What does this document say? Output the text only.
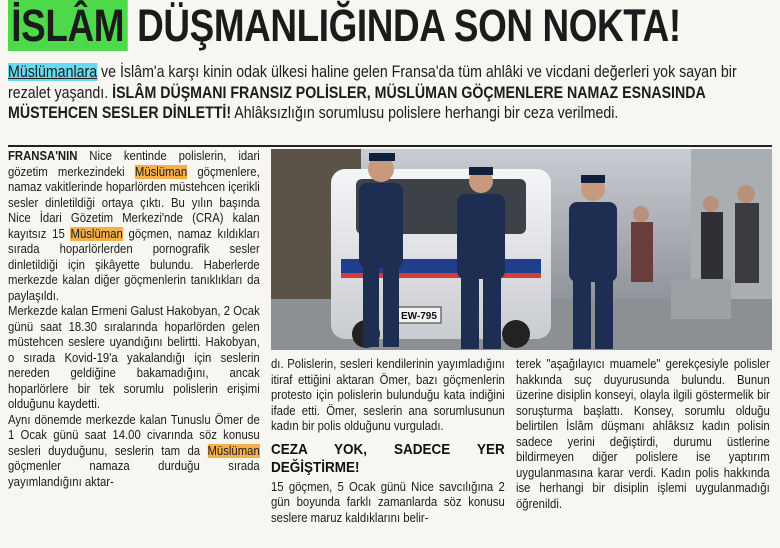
İSLÂM DÜŞMANLIĞINDA SON NOKTA!
Müslümanlara ve İslâm'a karşı kinin odak ülkesi haline gelen Fransa'da tüm ahlâki ve vicdani değerleri yok sayan bir rezalet yaşandı. İSLÂM DÜŞMANI FRANSIZ POLİSLER, MÜSLÜMAN GÖÇMENLERE NAMAZ ESNASINDA MÜSTEHCEN SESLER DİNLETTİ! Ahlâksızlığın sorumlusu polislere herhangi bir ceza verilmedi.

FRANSA'NIN Nice kentinde polislerin, idari gözetim merkezindeki Müslüman göçmenlere, namaz vakitlerinde hoparlörden müstehcen içerikli sesler dinletildiği ortaya çıktı. Bu yılın başında Nice İdari Gözetim Merkezi'nde (CRA) kalan kayıtsız 15 Müslüman göçmen, namaz kıldıkları sırada hoparlörlerden pornografik sesler dinletildiği için şikâyette bulundu. Haberlerde merkezde kalan diğer göçmenlerin tanıklıkları da paylaşıldı.

Merkezde kalan Ermeni Galust Hakobyan, 2 Ocak günü saat 18.30 sıralarında hoparlörden gelen müstehcen seslere uyandığını belirtti. Hakobyan, o sırada Kovid-19'a yakalandığı için seslerin nereden geldiğine bakamadığını, ancak hoparlörlere bir tek sorumlu polislerin erişimi olduğunu kaydetti.

Aynı dönemde merkezde kalan Tunuslu Ömer de 1 Ocak günü saat 14.00 civarında söz konusu sesleri duyduğunu, seslerin tam da Müslüman göçmenler namaza durduğu sırada yayımlandığını aktar-

EW-795

dı. Polislerin, sesleri kendilerinin yayımladığını itiraf ettiğini aktaran Ömer, bazı göçmenlerin protesto için polislerin bulunduğu kata indiğini ifade etti. Ömer, seslerin ana sorumlusunun kadın bir polis olduğunu vurguladı.

CEZA YOK, SADECE YER DEĞİŞTİRME!

15 göçmen, 5 Ocak günü Nice savcılığına 2 gün boyunda farklı zamanlarda söz konusu seslere maruz kaldıklarını belir-

terek "aşağılayıcı muamele" gerekçesiyle polisler hakkında suç duyurusunda bulundu. Bunun üzerine disiplin konseyi, olayla ilgili göstermelik bir soruşturma başlattı. Konsey, sorumlu olduğu belirtilen İslâm düşmanı ahlâksız kadın polisin sadece yerini değiştirdi, durumu üstlerine bildirmeyen diğer polislere ise yaptırım uygulanmasına karar verdi. Kadın polis hakkında ise herhangi bir disiplin işlemi uygulanmadığı öğrenildi.
